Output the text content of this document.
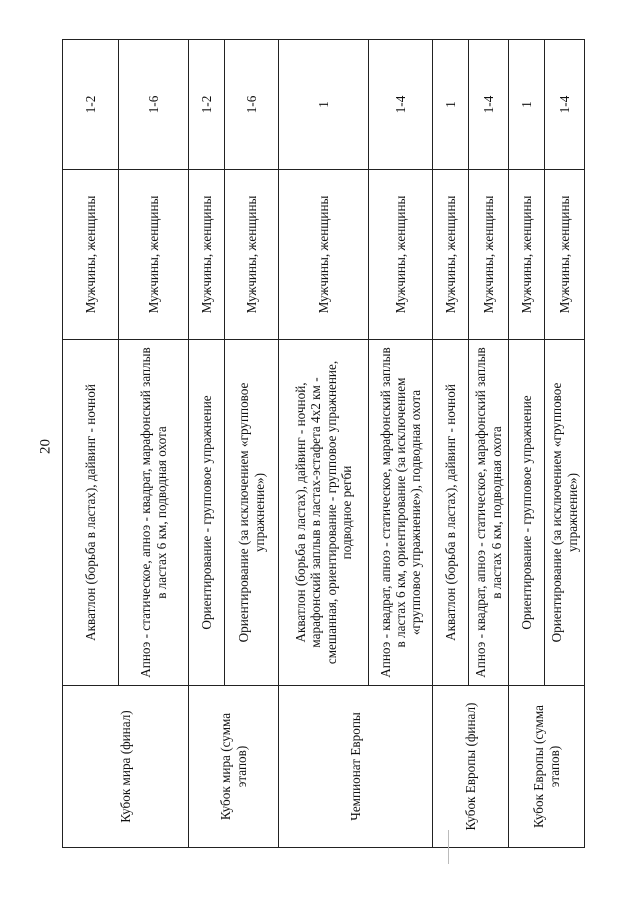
20
Кубок мира (финал)	Акватлон (борьба в ластах), дайвинг - ночной	Мужчины, женщины	1-2
	Апноэ - статическое, апноэ - квадрат, марафонский заплыв в ластах 6 км, подводная охота	Мужчины, женщины	1-6
Кубок мира (сумма этапов)	Ориентирование - групповое упражнение	Мужчины, женщины	1-2
	Ориентирование (за исключением «групповое упражнение»)	Мужчины, женщины	1-6
Чемпионат Европы	Акватлон (борьба в ластах), дайвинг - ночной, марафонский заплыв в ластах-эстафета 4х2 км - смешанная, ориентирование - групповое упражнение, подводное регби	Мужчины, женщины	1
	Апноэ - квадрат, апноэ - статическое, марафонский заплыв в ластах 6 км, ориентирование (за исключением «групповое упражнение»), подводная охота	Мужчины, женщины	1-4
Кубок Европы (финал)	Акватлон (борьба в ластах), дайвинг - ночной	Мужчины, женщины	1
	Апноэ - квадрат, апноэ - статическое, марафонский заплыв в ластах 6 км, подводная охота	Мужчины, женщины	1-4
Кубок Европы (сумма этапов)	Ориентирование - групповое упражнение	Мужчины, женщины	1
	Ориентирование (за исключением «групповое упражнение»)	Мужчины, женщины	1-4
